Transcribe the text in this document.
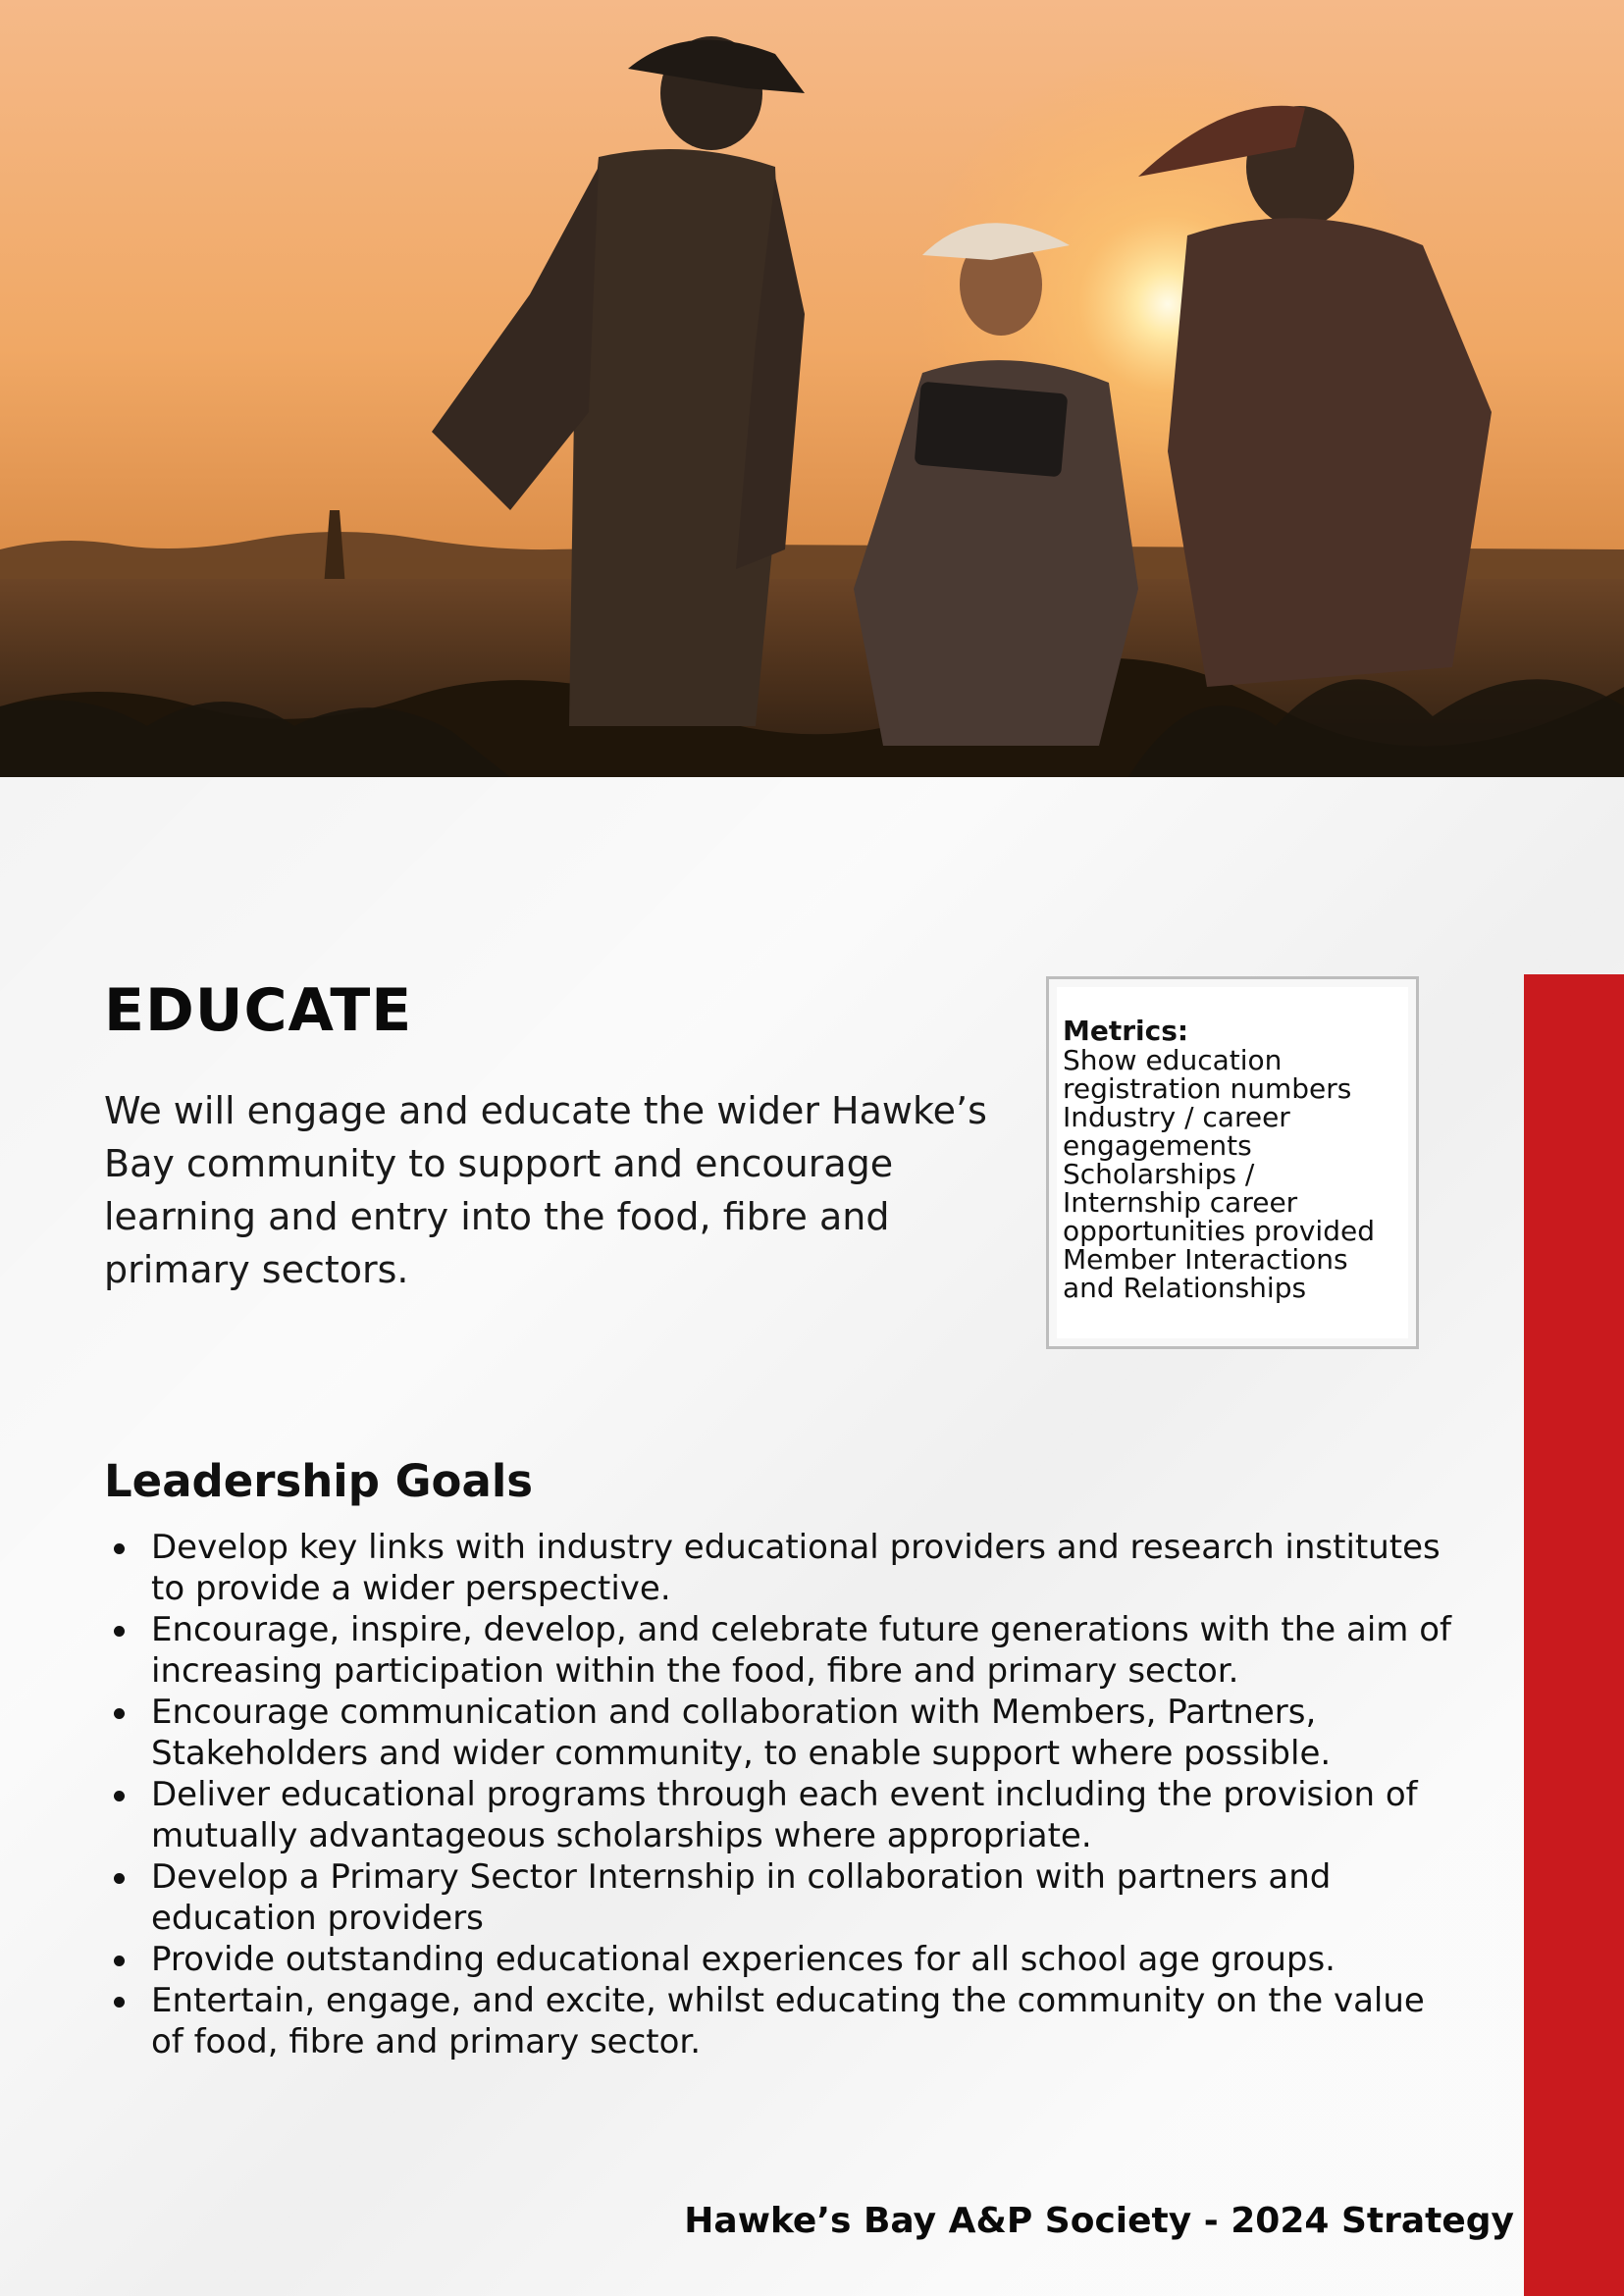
EDUCATE

We will engage and educate the wider Hawke’s Bay community to support and encourage learning and entry into the food, fibre and primary sectors.

Metrics:

Show education

registration numbers

Industry / career

engagements

Scholarships /

Internship career

opportunities provided

Member Interactions

and Relationships

Leadership Goals
Develop key links with industry educational providers and research institutes to provide a wider perspective.
Encourage, inspire, develop, and celebrate future generations with the aim of increasing participation within the food, fibre and primary sector.
Encourage communication and collaboration with Members, Partners, Stakeholders and wider community, to enable support where possible.
Deliver educational programs through each event including the provision of mutually advantageous scholarships where appropriate.
Develop a Primary Sector Internship in collaboration with partners and education providers
Provide outstanding educational experiences for all school age groups.
Entertain, engage, and excite, whilst educating the community on the value of food, fibre and primary sector.

Hawke’s Bay A&P Society - 2024 Strategy
